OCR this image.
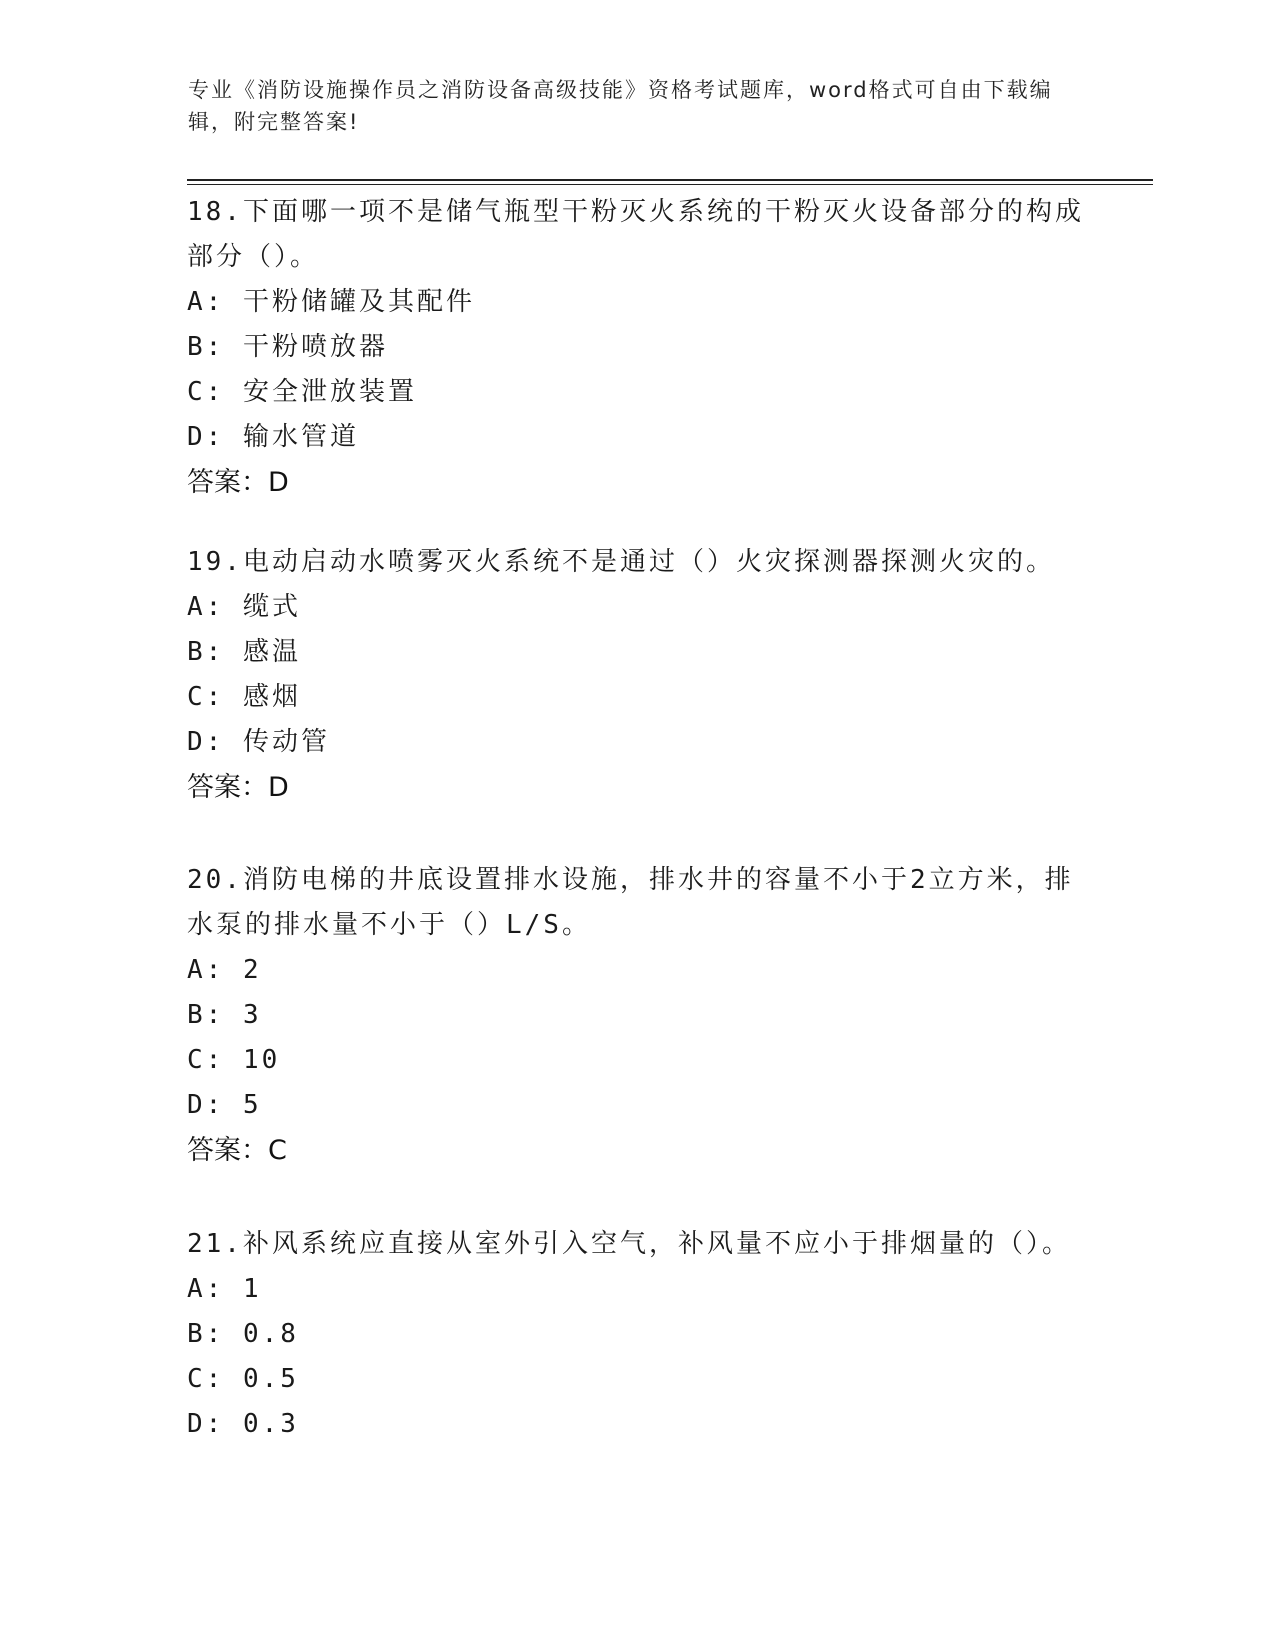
专业《消防设施操作员之消防设备高级技能》资格考试题库，word格式可自由下载编辑，附完整答案!

18.下面哪一项不是储气瓶型干粉灭火系统的干粉灭火设备部分的构成部分（）。

A: 干粉储罐及其配件

B: 干粉喷放器

C: 安全泄放装置

D: 输水管道

答案：D

19.电动启动水喷雾灭火系统不是通过（）火灾探测器探测火灾的。

A: 缆式

B: 感温

C: 感烟

D: 传动管

答案：D

20.消防电梯的井底设置排水设施，排水井的容量不小于2立方米，排水泵的排水量不小于（）L/S。

A: 2

B: 3

C: 10

D: 5

答案：C

21.补风系统应直接从室外引入空气，补风量不应小于排烟量的（）。

A: 1

B: 0.8

C: 0.5

D: 0.3
